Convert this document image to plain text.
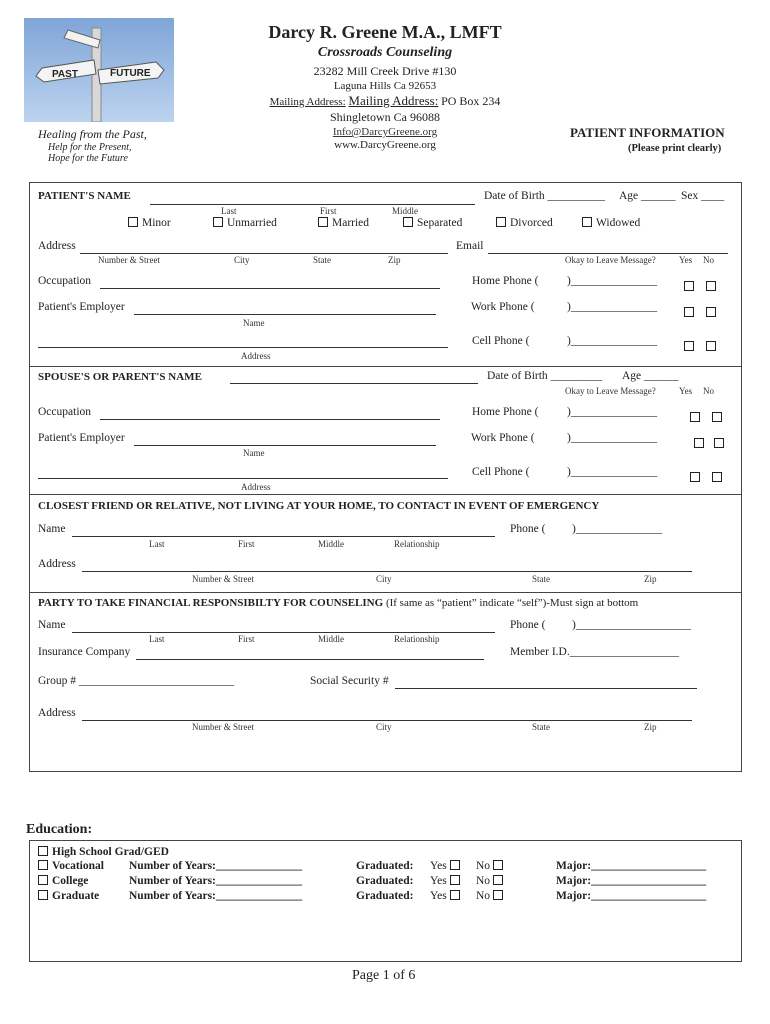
PAST	FUTURE
Darcy R. Greene M.A., LMFT
Crossroads Counseling
23282 Mill Creek Drive #130
Laguna Hills Ca 92653
Mailing Address: Mailing Address: PO Box 234
Shingletown Ca 96088
Info@DarcyGreene.org
www.DarcyGreene.org
Healing from the Past,
Help for the Present,
Hope for the Future
PATIENT INFORMATION
(Please print clearly)
PATIENT'S NAME	Date of Birth __________ Age ______ Sex ____
Last	First	Middle
Minor	Unmarried	Married	Separated	Divorced	Widowed
Address	Email
Number & Street	City	State	Zip	Okay to Leave Message?	Yes No
Occupation	Home Phone ( )_______________
Patient's Employer	Work Phone (	)_______________
Name
Cell Phone (	)_______________
Address
SPOUSE'S OR PARENT'S NAME	Date of Birth _________ Age ______
Okay to Leave Message?	Yes No
Occupation	Home Phone ( )_______________
Patient's Employer	Work Phone (	)_______________
Name
Cell Phone (	)_______________
Address
CLOSEST FRIEND OR RELATIVE, NOT LIVING AT YOUR HOME, TO CONTACT IN EVENT OF EMERGENCY
Name	Phone ( )_______________
Last	First	Middle	Relationship
Address
Number & Street	City	State	Zip
PARTY TO TAKE FINANCIAL RESPONSIBILTY FOR COUNSELING (If same as “patient” indicate “self”)-Must sign at bottom
Name	Phone ( )____________________
Last	First	Middle	Relationship
Insurance Company	Member I.D.___________________
Group # ___________________________	Social Security #
Address
Number & Street	City	State	Zip
Education:
High School Grad/GED
Vocational Number of Years:_______________	Graduated: Yes	No	Major:____________________
College	Number of Years:_______________	Graduated: Yes	No	Major:____________________
Graduate	Number of Years:_______________	Graduated: Yes	No	Major:____________________
Page 1 of 6
